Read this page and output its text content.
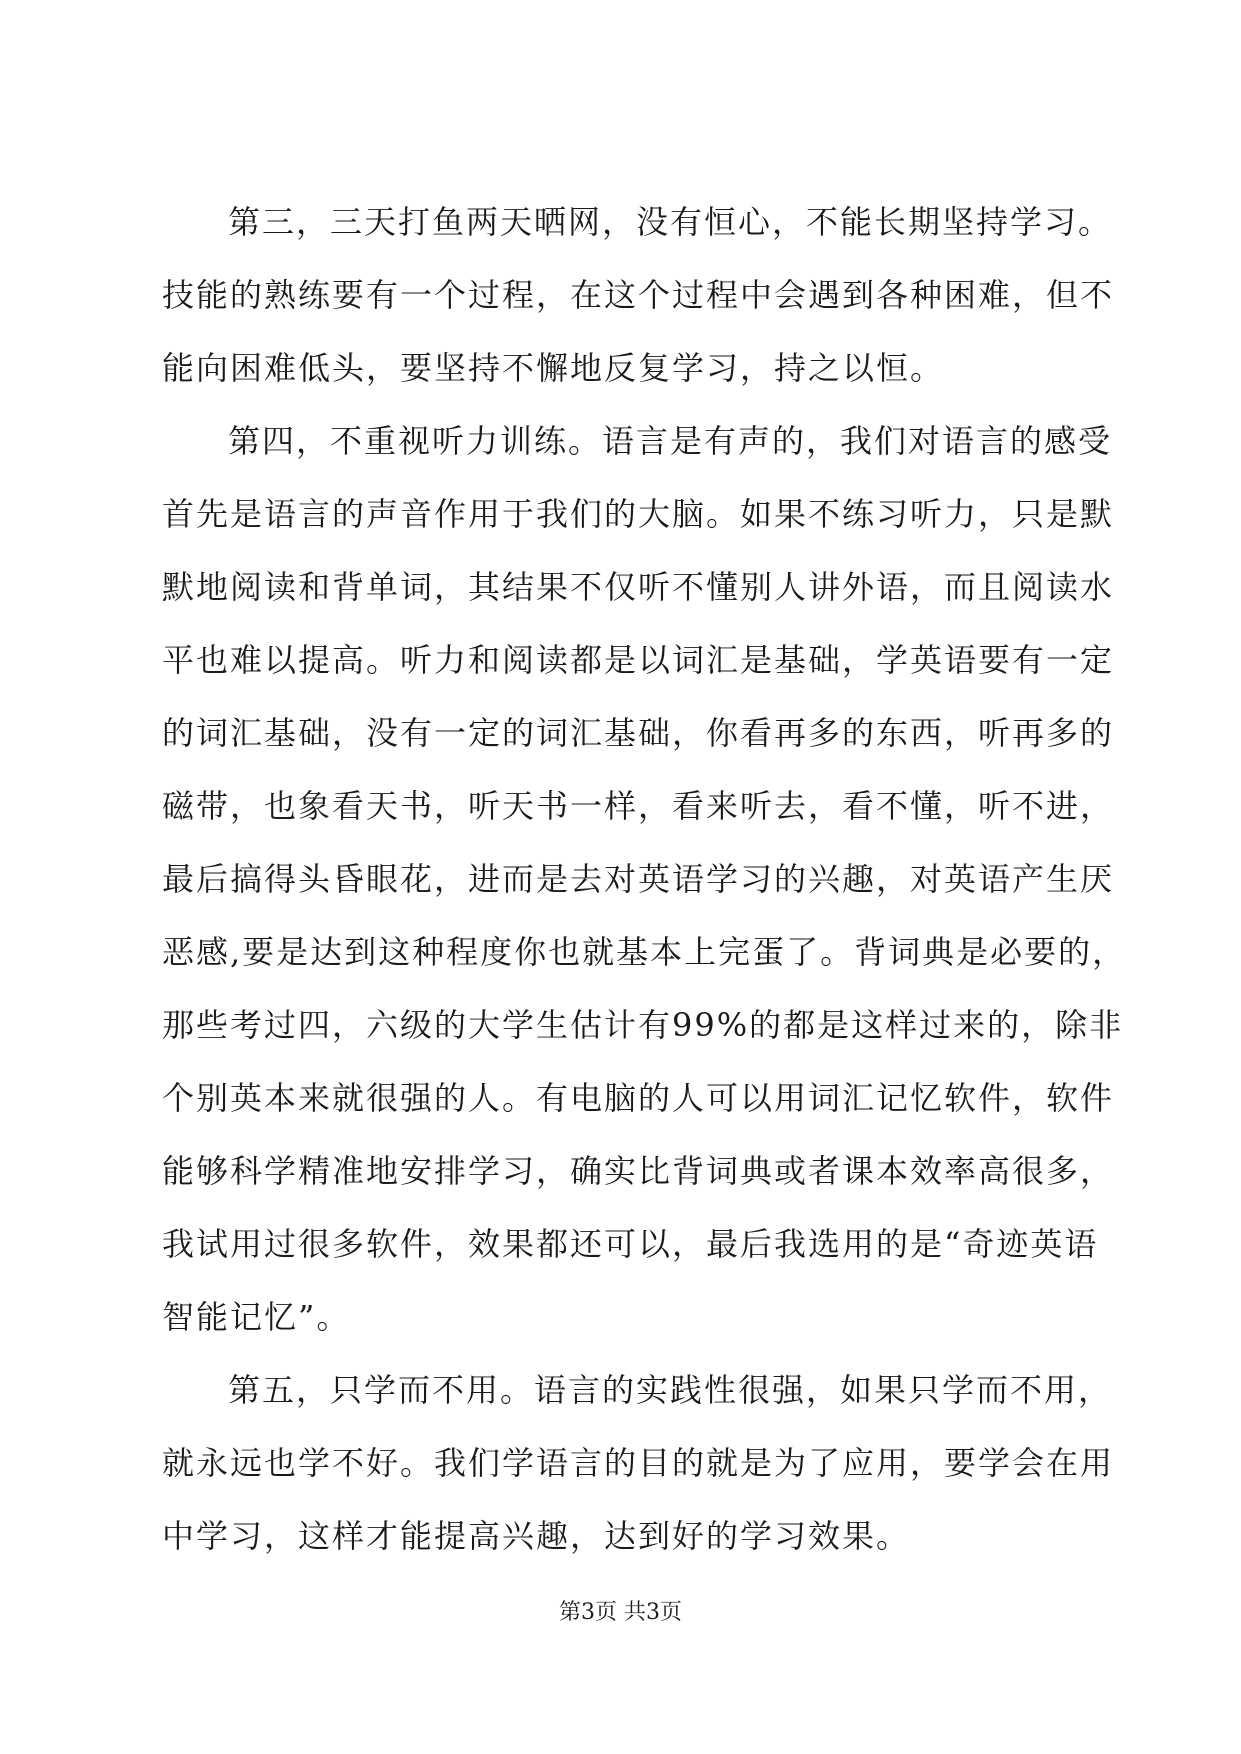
第三，三天打鱼两天晒网，没有恒心，不能长期坚持学习。
技能的熟练要有一个过程，在这个过程中会遇到各种困难，但不
能向困难低头，要坚持不懈地反复学习，持之以恒。
第四，不重视听力训练。语言是有声的，我们对语言的感受
首先是语言的声音作用于我们的大脑。如果不练习听力，只是默
默地阅读和背单词，其结果不仅听不懂别人讲外语，而且阅读水
平也难以提高。听力和阅读都是以词汇是基础，学英语要有一定
的词汇基础，没有一定的词汇基础，你看再多的东西，听再多的
磁带，也象看天书，听天书一样，看来听去，看不懂，听不进，
最后搞得头昏眼花，进而是去对英语学习的兴趣，对英语产生厌
恶感,要是达到这种程度你也就基本上完蛋了。背词典是必要的，
那些考过四，六级的大学生估计有99%的都是这样过来的，除非
个别英本来就很强的人。有电脑的人可以用词汇记忆软件，软件
能够科学精准地安排学习，确实比背词典或者课本效率高很多，
我试用过很多软件，效果都还可以，最后我选用的是“奇迹英语
智能记忆”。
第五，只学而不用。语言的实践性很强，如果只学而不用，
就永远也学不好。我们学语言的目的就是为了应用，要学会在用
中学习，这样才能提高兴趣，达到好的学习效果。
第3页 共3页
